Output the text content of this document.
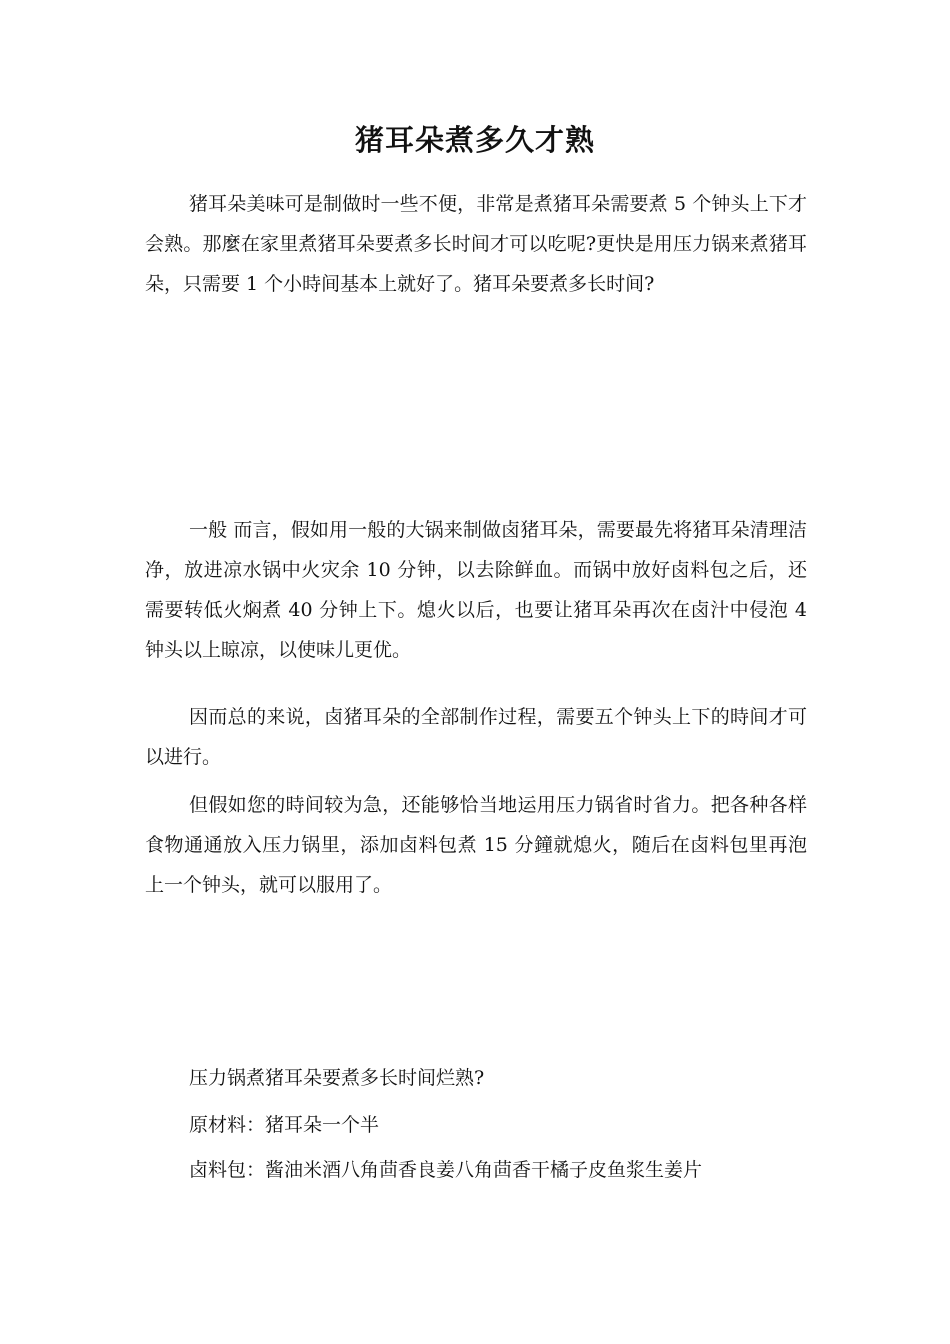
猪耳朵煮多久才熟

猪耳朵美味可是制做时一些不便，非常是煮猪耳朵需要煮 5 个钟头上下才会熟。那麼在家里煮猪耳朵要煮多长时间才可以吃呢?更快是用压力锅来煮猪耳朵，只需要 1 个小時间基本上就好了。猪耳朵要煮多长时间?

一般 而言，假如用一般的大锅来制做卤猪耳朵，需要最先将猪耳朵清理洁净，放进凉水锅中火灾余 10 分钟，以去除鲜血。而锅中放好卤料包之后，还需要转低火焖煮 40 分钟上下。熄火以后，也要让猪耳朵再次在卤汁中侵泡 4 钟头以上晾凉，以使味儿更优。

因而总的来说，卤猪耳朵的全部制作过程，需要五个钟头上下的時间才可以进行。

但假如您的時间较为急，还能够恰当地运用压力锅省时省力。把各种各样食物通通放入压力锅里，添加卤料包煮 15 分鐘就熄火，随后在卤料包里再泡上一个钟头，就可以服用了。

压力锅煮猪耳朵要煮多长时间烂熟?

原材料：猪耳朵一个半

卤料包：酱油米酒八角茴香良姜八角茴香干橘子皮鱼浆生姜片
